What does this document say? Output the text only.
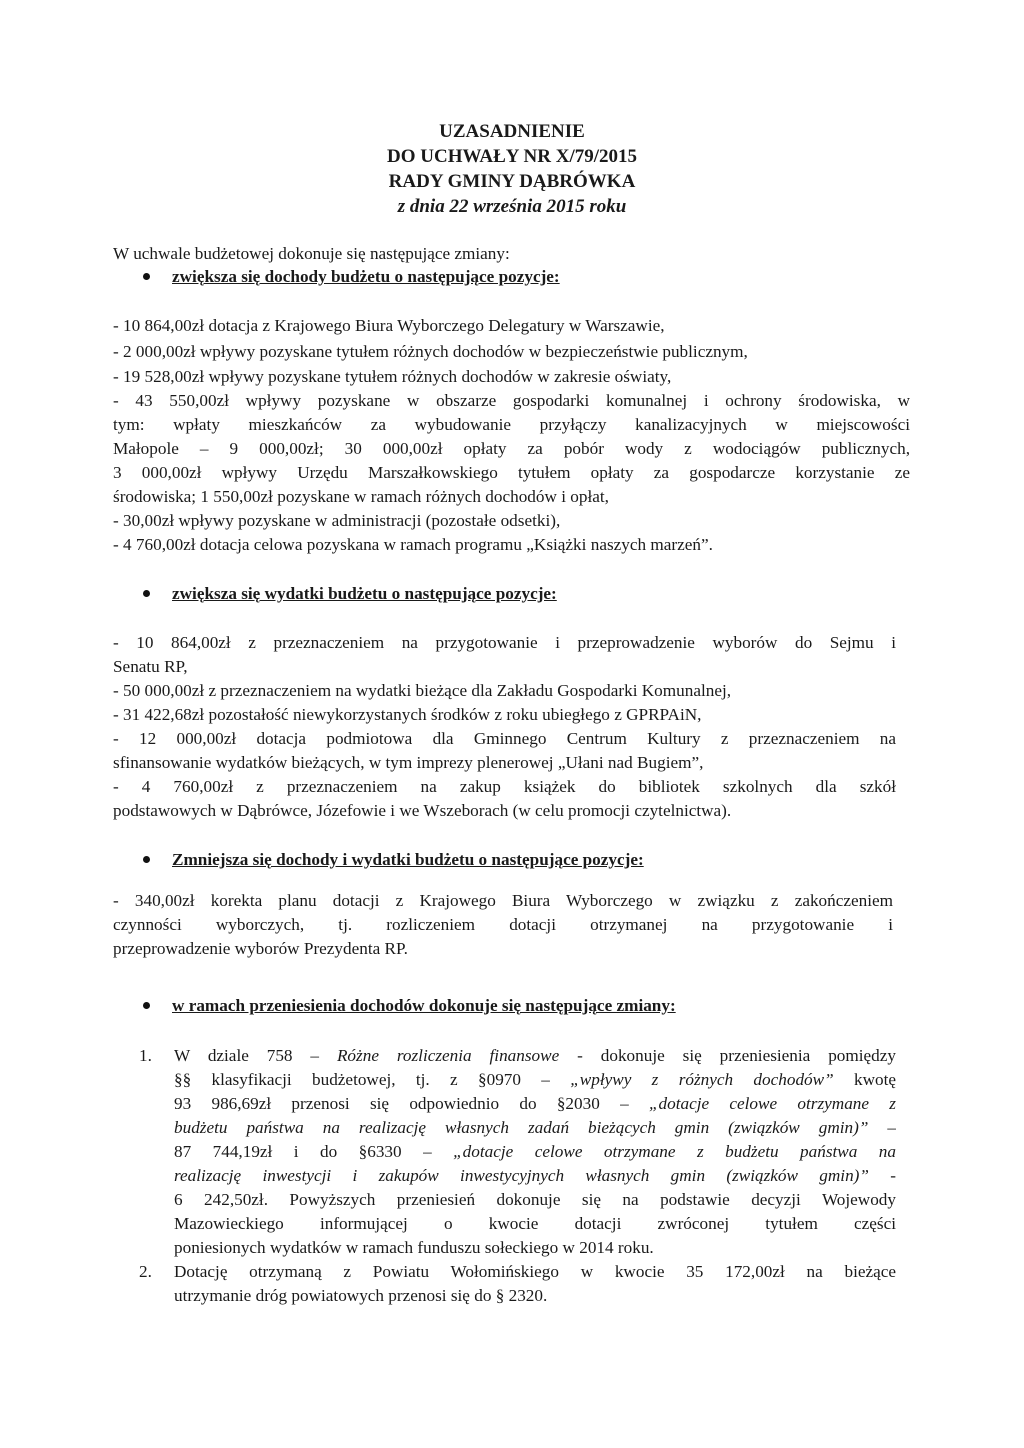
UZASADNIENIE
DO UCHWAŁY NR X/79/2015
RADY GMINY DĄBRÓWKA
z dnia 22 września 2015 roku
W uchwale budżetowej dokonuje się następujące zmiany:
zwiększa się dochody budżetu o następujące pozycje:
- 10 864,00zł dotacja z Krajowego Biura Wyborczego Delegatury w Warszawie,
- 2 000,00zł wpływy pozyskane tytułem różnych dochodów w bezpieczeństwie publicznym,
- 19 528,00zł wpływy pozyskane tytułem różnych dochodów w zakresie oświaty,
- 43 550,00zł wpływy pozyskane w obszarze gospodarki komunalnej i ochrony środowiska, w
tym: wpłaty mieszkańców za wybudowanie przyłączy kanalizacyjnych w miejscowości
Małopole – 9 000,00zł; 30 000,00zł opłaty za pobór wody z wodociągów publicznych,
3 000,00zł wpływy Urzędu Marszałkowskiego tytułem opłaty za gospodarcze korzystanie ze
środowiska; 1 550,00zł pozyskane w ramach różnych dochodów i opłat,
- 30,00zł wpływy pozyskane w administracji (pozostałe odsetki),
- 4 760,00zł dotacja celowa pozyskana w ramach programu „Książki naszych marzeń”.
zwiększa się wydatki budżetu o następujące pozycje:
- 10 864,00zł z przeznaczeniem na przygotowanie i przeprowadzenie wyborów do Sejmu i
Senatu RP,
- 50 000,00zł z przeznaczeniem na wydatki bieżące dla Zakładu Gospodarki Komunalnej,
- 31 422,68zł pozostałość niewykorzystanych środków z roku ubiegłego z GPRPAiN,
- 12 000,00zł dotacja podmiotowa dla Gminnego Centrum Kultury z przeznaczeniem na
sfinansowanie wydatków bieżących, w tym imprezy plenerowej „Ułani nad Bugiem”,
- 4 760,00zł z przeznaczeniem na zakup książek do bibliotek szkolnych dla szkół
podstawowych w Dąbrówce, Józefowie i we Wszeborach (w celu promocji czytelnictwa).
Zmniejsza się dochody i wydatki budżetu o następujące pozycje:
- 340,00zł korekta planu dotacji z Krajowego Biura Wyborczego w związku z zakończeniem
czynności wyborczych, tj. rozliczeniem dotacji otrzymanej na przygotowanie i
przeprowadzenie wyborów Prezydenta RP.
w ramach przeniesienia dochodów dokonuje się następujące zmiany:
1. W dziale 758 – Różne rozliczenia finansowe - dokonuje się przeniesienia pomiędzy
§§ klasyfikacji budżetowej, tj. z §0970 – „wpływy z różnych dochodów” kwotę
93 986,69zł przenosi się odpowiednio do §2030 – „dotacje celowe otrzymane z
budżetu państwa na realizację własnych zadań bieżących gmin (związków gmin)” –
87 744,19zł i do §6330 – „dotacje celowe otrzymane z budżetu państwa na
realizację inwestycji i zakupów inwestycyjnych własnych gmin (związków gmin)” -
6 242,50zł. Powyższych przeniesień dokonuje się na podstawie decyzji Wojewody
Mazowieckiego informującej o kwocie dotacji zwróconej tytułem części
poniesionych wydatków w ramach funduszu sołeckiego w 2014 roku.
2. Dotację otrzymaną z Powiatu Wołomińskiego w kwocie 35 172,00zł na bieżące
utrzymanie dróg powiatowych przenosi się do § 2320.
